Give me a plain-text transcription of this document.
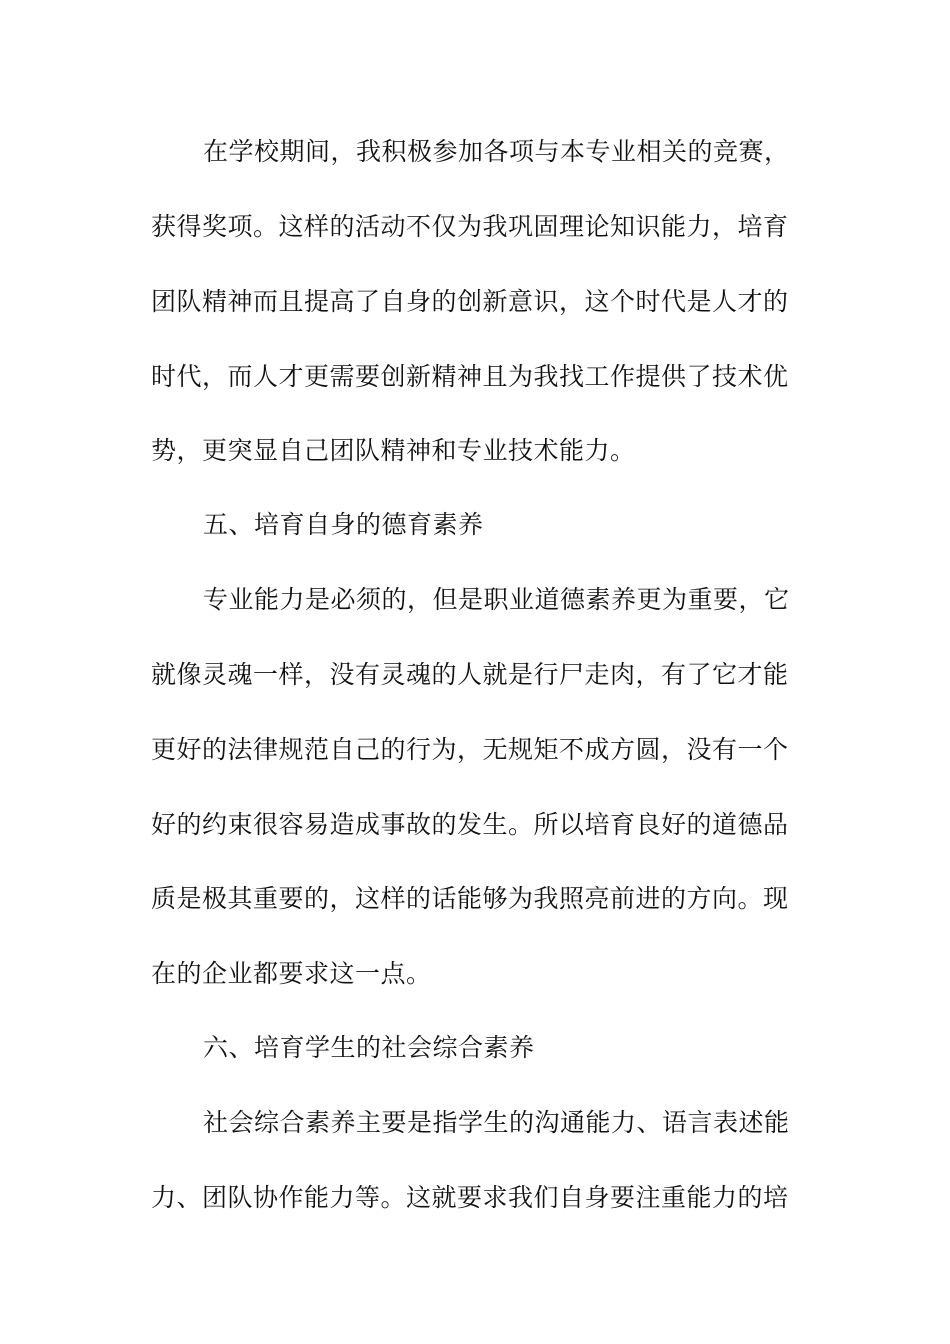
在学校期间，我积极参加各项与本专业相关的竞赛，
获得奖项。这样的活动不仅为我巩固理论知识能力，培育
团队精神而且提高了自身的创新意识，这个时代是人才的
时代，而人才更需要创新精神且为我找工作提供了技术优
势，更突显自己团队精神和专业技术能力。
五、培育自身的德育素养
专业能力是必须的，但是职业道德素养更为重要，它
就像灵魂一样，没有灵魂的人就是行尸走肉，有了它才能
更好的法律规范自己的行为，无规矩不成方圆，没有一个
好的约束很容易造成事故的发生。所以培育良好的道德品
质是极其重要的，这样的话能够为我照亮前进的方向。现
在的企业都要求这一点。
六、培育学生的社会综合素养
社会综合素养主要是指学生的沟通能力、语言表述能
力、团队协作能力等。这就要求我们自身要注重能力的培
